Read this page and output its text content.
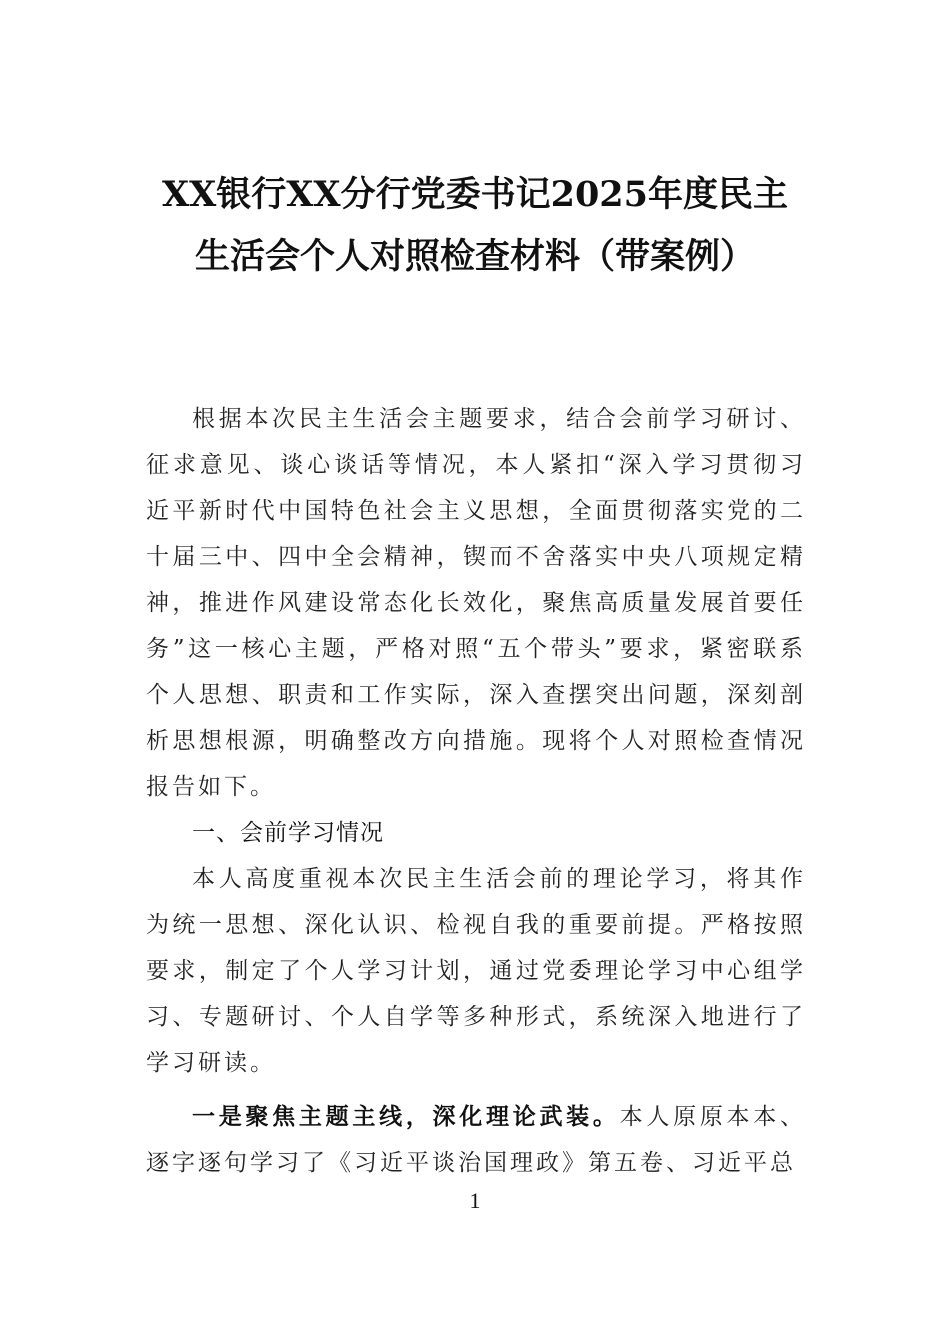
XX银行XX分行党委书记2025年度民主
生活会个人对照检查材料（带案例）

根据本次民主生活会主题要求，结合会前学习研讨、征求意见、谈心谈话等情况，本人紧扣“深入学习贯彻习近平新时代中国特色社会主义思想，全面贯彻落实党的二十届三中、四中全会精神，锲而不舍落实中央八项规定精神，推进作风建设常态化长效化，聚焦高质量发展首要任务”这一核心主题，严格对照“五个带头”要求，紧密联系个人思想、职责和工作实际，深入查摆突出问题，深刻剖析思想根源，明确整改方向措施。现将个人对照检查情况报告如下。

一、会前学习情况

本人高度重视本次民主生活会前的理论学习，将其作为统一思想、深化认识、检视自我的重要前提。严格按照要求，制定了个人学习计划，通过党委理论学习中心组学习、专题研讨、个人自学等多种形式，系统深入地进行了学习研读。

一是聚焦主题主线，深化理论武装。本人原原本本、逐字逐句学习了《习近平谈治国理政》第五卷、习近平总

1
